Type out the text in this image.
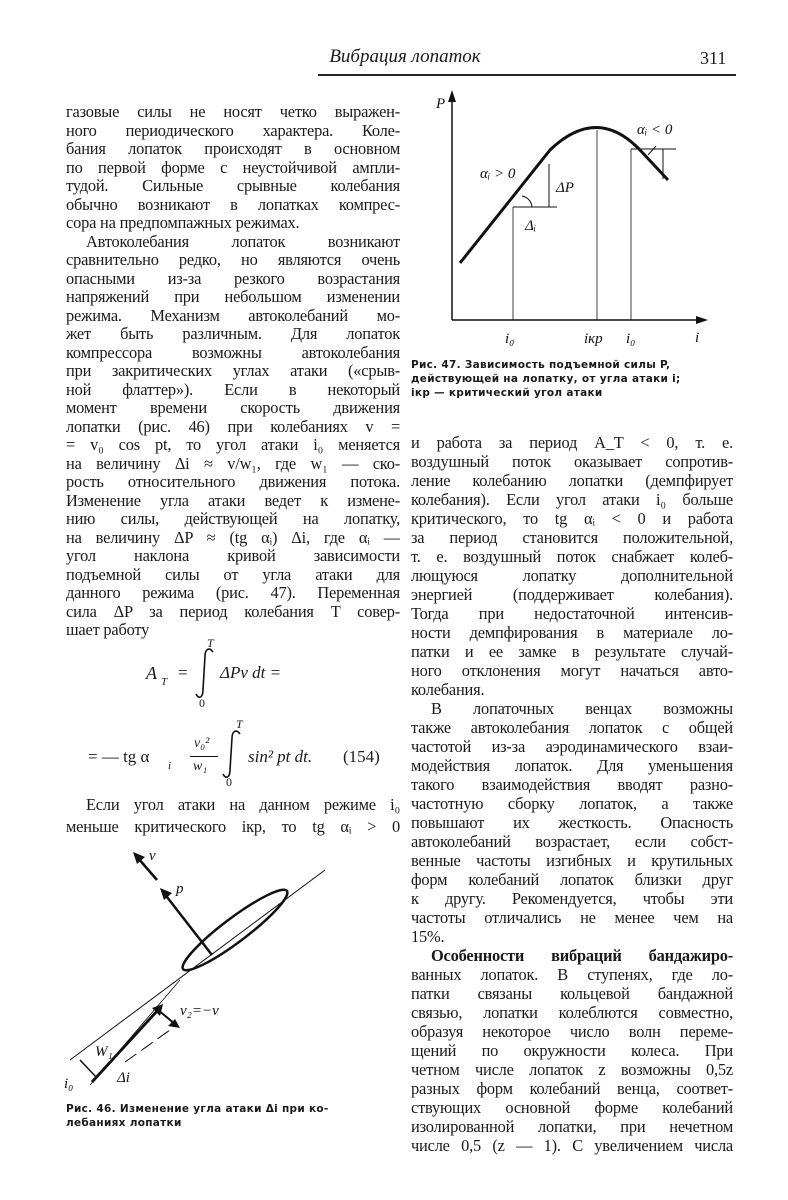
Вибрация лопаток	311
газовые силы не носят четко выражен-
ного периодического характера. Коле-
бания лопаток происходят в основном
по первой форме с неустойчивой ампли-
тудой. Сильные срывные колебания
обычно возникают в лопатках компрес-
сора на предпомпажных режимах.
Автоколебания лопаток возникают
сравнительно редко, но являются очень
опасными из-за резкого возрастания
напряжений при небольшом изменении
режима. Механизм автоколебаний мо-
жет быть различным. Для лопаток
компрессора возможны автоколебания
при закритических углах атаки («срыв-
ной флаттер»). Если в некоторый
момент времени скорость движения
лопатки (рис. 46) при колебаниях v =
= v₀ cos pt, то угол атаки i₀ меняется
на величину Δi ≈ v/w₁, где w₁ — ско-
рость относительного движения потока.
Изменение угла атаки ведет к измене-
нию силы, действующей на лопатку,
на величину ΔP ≈ (tg αᵢ) Δi, где αᵢ —
угол наклона кривой зависимости
подъемной силы от угла атаки для
данного режима (рис. 47). Переменная
сила ΔP за период колебания T совер-
шает работу
A T =
T
0
ΔPv dt =
= — tg α i
v₀²
w₁
T
0
sin² pt dt. (154)
Если угол атаки на данном режиме i₀
меньше критического iкр, то tg αᵢ > 0
v
p
v₂=−v
W₁
i₀	Δi
Рис. 46. Изменение угла атаки Δi при ко-
лебаниях лопатки
P
i
αᵢ > 0
αᵢ < 0
ΔP
Δᵢ
i₀	iкр i₀
Рис. 47. Зависимость подъемной силы P,
действующей на лопатку, от угла атаки i;
iкр — критический угол атаки
и работа за период A_T < 0, т. е.
воздушный поток оказывает сопротив-
ление колебанию лопатки (демпфирует
колебания). Если угол атаки i₀ больше
критического, то tg αᵢ < 0 и работа
за период становится положительной,
т. е. воздушный поток снабжает колеб-
лющуюся лопатку дополнительной
энергией (поддерживает колебания).
Тогда при недостаточной интенсив-
ности демпфирования в материале ло-
патки и ее замке в результате случай-
ного отклонения могут начаться авто-
колебания.
В лопаточных венцах возможны
также автоколебания лопаток с общей
частотой из-за аэродинамического взаи-
модействия лопаток. Для уменьшения
такого взаимодействия вводят разно-
частотную сборку лопаток, а также
повышают их жесткость. Опасность
автоколебаний возрастает, если собст-
венные частоты изгибных и крутильных
форм колебаний лопаток близки друг
к другу. Рекомендуется, чтобы эти
частоты отличались не менее чем на
15%.
Особенности вибраций бандажиро-
ванных лопаток. В ступенях, где ло-
патки связаны кольцевой бандажной
связью, лопатки колеблются совместно,
образуя некоторое число волн переме-
щений по окружности колеса. При
четном числе лопаток z возможны 0,5z
разных форм колебаний венца, соответ-
ствующих основной форме колебаний
изолированной лопатки, при нечетном
числе 0,5 (z — 1). С увеличением числа
